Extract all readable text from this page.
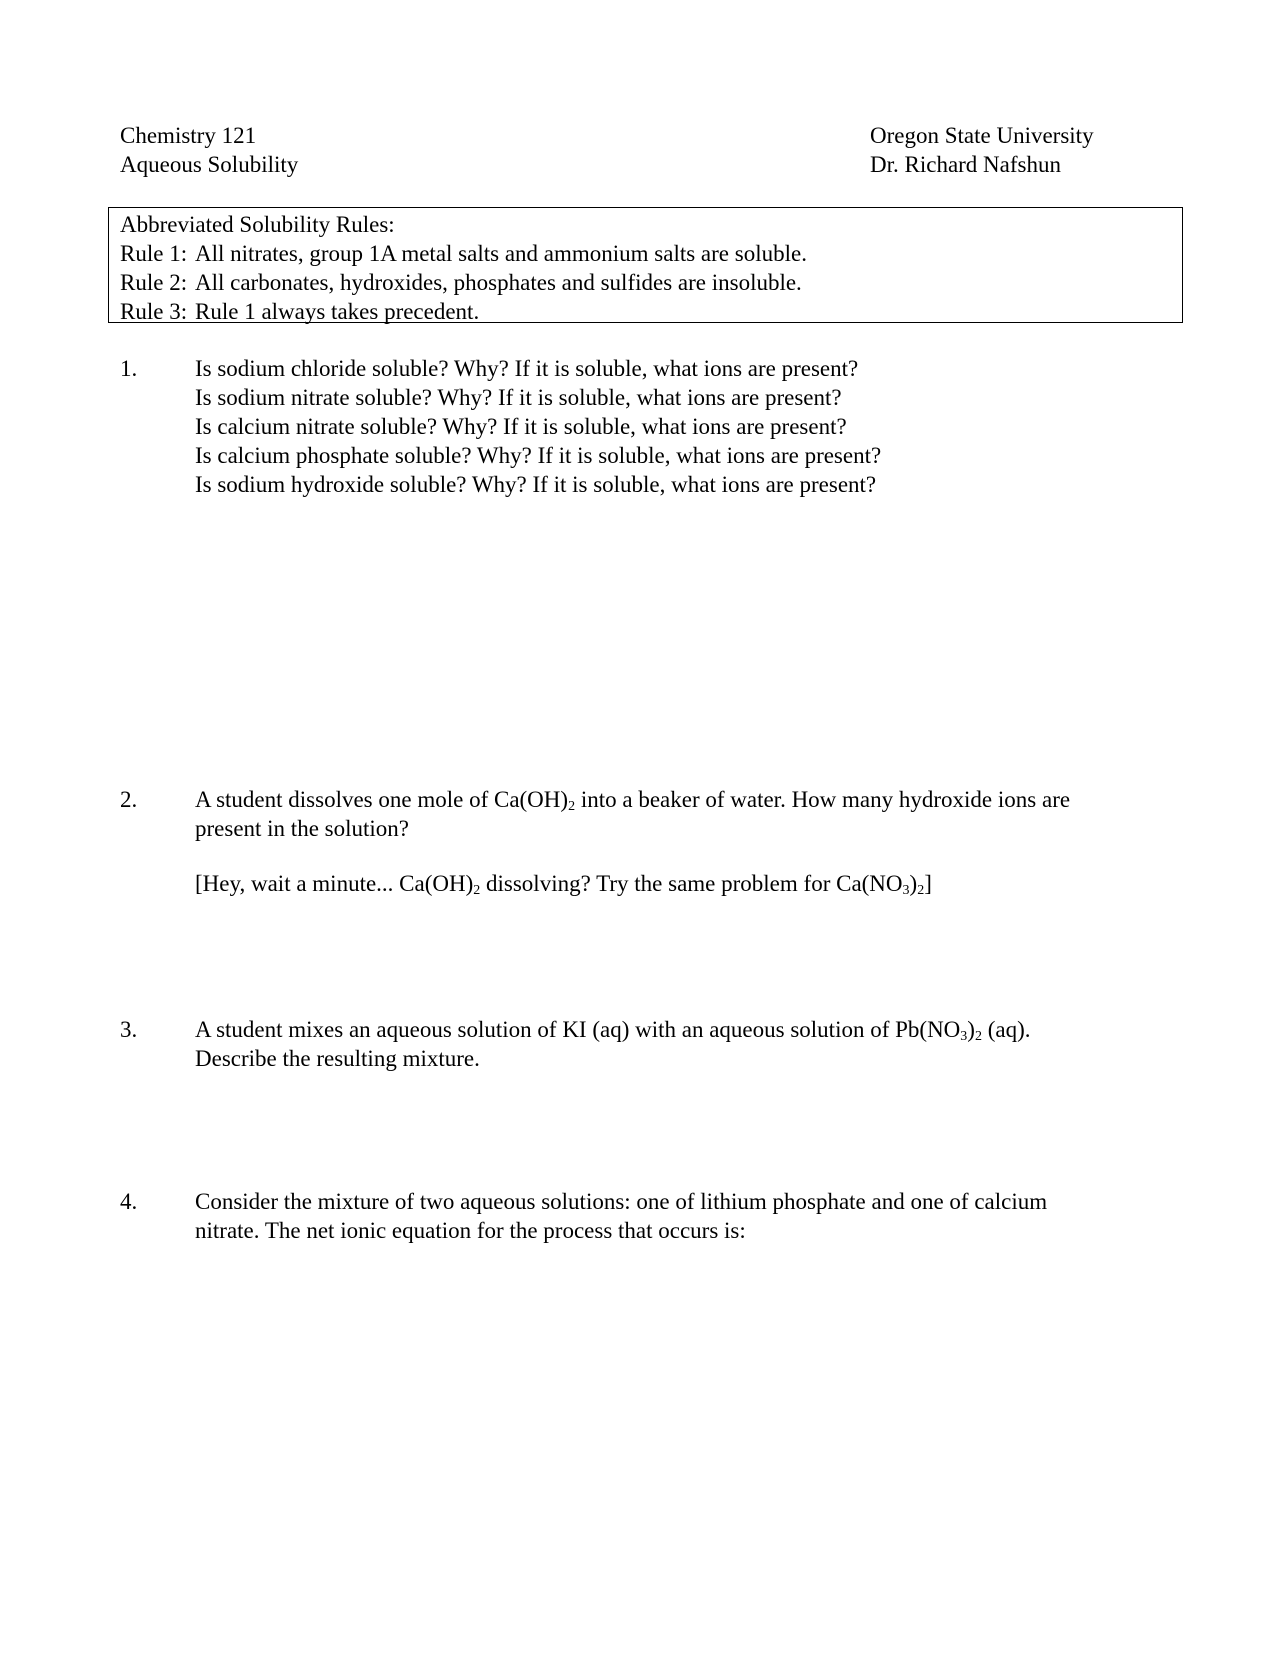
Chemistry 121
Aqueous Solubility
Oregon State University
Dr. Richard Nafshun
Abbreviated Solubility Rules:
Rule 1: All nitrates, group 1A metal salts and ammonium salts are soluble.
Rule 2: All carbonates, hydroxides, phosphates and sulfides are insoluble.
Rule 3: Rule 1 always takes precedent.
1.	Is sodium chloride soluble? Why? If it is soluble, what ions are present?

Is sodium nitrate soluble? Why? If it is soluble, what ions are present?

Is calcium nitrate soluble? Why? If it is soluble, what ions are present?

Is calcium phosphate soluble? Why? If it is soluble, what ions are present?

Is sodium hydroxide soluble? Why? If it is soluble, what ions are present?

2.	A student dissolves one mole of $Ca(OH)_2$ into a beaker of water. How many hydroxide ions are

present in the solution?

[Hey, wait a minute... $Ca(OH)_2$ dissolving? Try the same problem for $Ca(NO_3)_2$]

3.	A student mixes an aqueous solution of KI (aq) with an aqueous solution of $Pb(NO_3)_2$ (aq).

Describe the resulting mixture.

4.	Consider the mixture of two aqueous solutions: one of lithium phosphate and one of calcium

nitrate. The net ionic equation for the process that occurs is:
